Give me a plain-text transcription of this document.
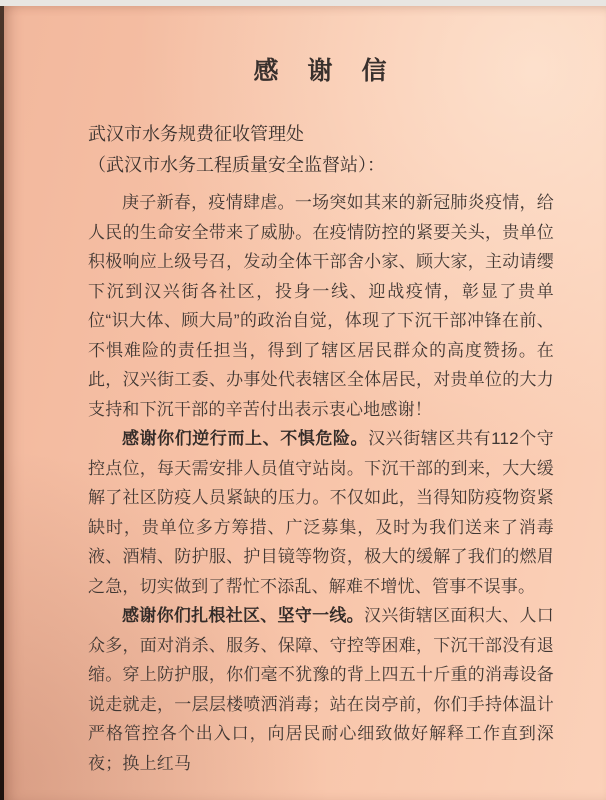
感　谢　信
武汉市水务规费征收管理处
（武汉市水务工程质量安全监督站）：

庚子新春，疫情肆虐。一场突如其来的新冠肺炎疫情，给人民的生命安全带来了威胁。在疫情防控的紧要关头，贵单位积极响应上级号召，发动全体干部舍小家、顾大家，主动请缨下沉到汉兴街各社区，投身一线、迎战疫情，彰显了贵单位“识大体、顾大局”的政治自觉，体现了下沉干部冲锋在前、不惧难险的责任担当，得到了辖区居民群众的高度赞扬。在此，汉兴街工委、办事处代表辖区全体居民，对贵单位的大力支持和下沉干部的辛苦付出表示衷心地感谢！

感谢你们逆行而上、不惧危险。汉兴街辖区共有112个守控点位，每天需安排人员值守站岗。下沉干部的到来，大大缓解了社区防疫人员紧缺的压力。不仅如此，当得知防疫物资紧缺时，贵单位多方筹措、广泛募集，及时为我们送来了消毒液、酒精、防护服、护目镜等物资，极大的缓解了我们的燃眉之急，切实做到了帮忙不添乱、解难不增忧、管事不误事。

感谢你们扎根社区、坚守一线。汉兴街辖区面积大、人口众多，面对消杀、服务、保障、守控等困难，下沉干部没有退缩。穿上防护服，你们毫不犹豫的背上四五十斤重的消毒设备说走就走，一层层楼喷洒消毒；站在岗亭前，你们手持体温计严格管控各个出入口，向居民耐心细致做好解释工作直到深夜；换上红马
